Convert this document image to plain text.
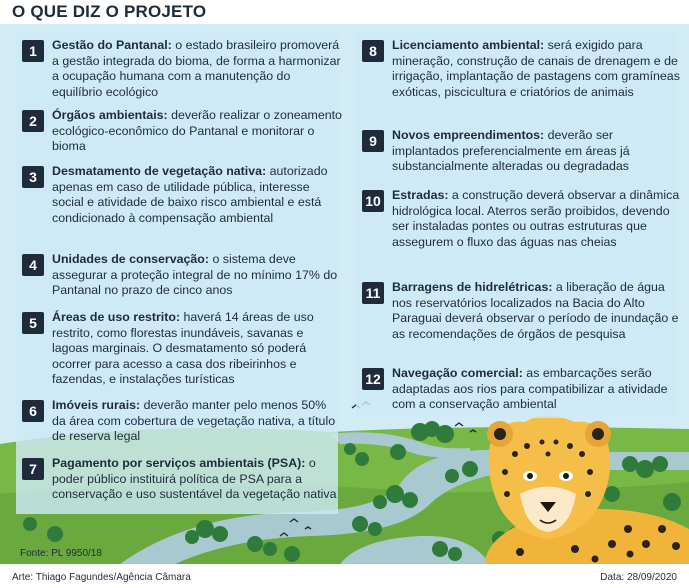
O QUE DIZ O PROJETO
1	Gestão do Pantanal: o estado brasileiro promoverá a gestão integrada do bioma, de forma a harmonizar a ocupação humana com a manutenção do equilíbrio ecológico
2	Órgãos ambientais: deverão realizar o zoneamento ecológico-econômico do Pantanal e monitorar o bioma
3	Desmatamento de vegetação nativa: autorizado apenas em caso de utilidade pública, interesse social e atividade de baixo risco ambiental e está condicionado à compensação ambiental
4	Unidades de conservação: o sistema deve assegurar a proteção integral de no mínimo 17% do Pantanal no prazo de cinco anos
5	Áreas de uso restrito: haverá 14 áreas de uso restrito, como florestas inundáveis, savanas e lagoas marginais. O desmatamento só poderá ocorrer para acesso a casa dos ribeirinhos e fazendas, e instalações turísticas
6	Imóveis rurais: deverão manter pelo menos 50% da área com cobertura de vegetação nativa, a título de reserva legal
7	Pagamento por serviços ambientais (PSA): o poder público instituirá política de PSA para a conservação e uso sustentável da vegetação nativa
8	Licenciamento ambiental: será exigido para mineração, construção de canais de drenagem e de irrigação, implantação de pastagens com gramíneas exóticas, piscicultura e criatórios de animais
9	Novos empreendimentos: deverão ser implantados preferencialmente em áreas já substancialmente alteradas ou degradadas
10 Estradas: a construção deverá observar a dinâmica hidrológica local. Aterros serão proibidos, devendo ser instaladas pontes ou outras estruturas que assegurem o fluxo das águas nas cheias
11 Barragens de hidrelétricas: a liberação de água nos reservatórios localizados na Bacia do Alto Paraguai deverá observar o período de inundação e as recomendações de órgãos de pesquisa
12 Navegação comercial: as embarcações serão adaptadas aos rios para compatibilizar a atividade com a conservação ambiental
Fonte: PL 9950/18
Arte: Thiago Fagundes/Agência Câmara	Data: 28/09/2020
